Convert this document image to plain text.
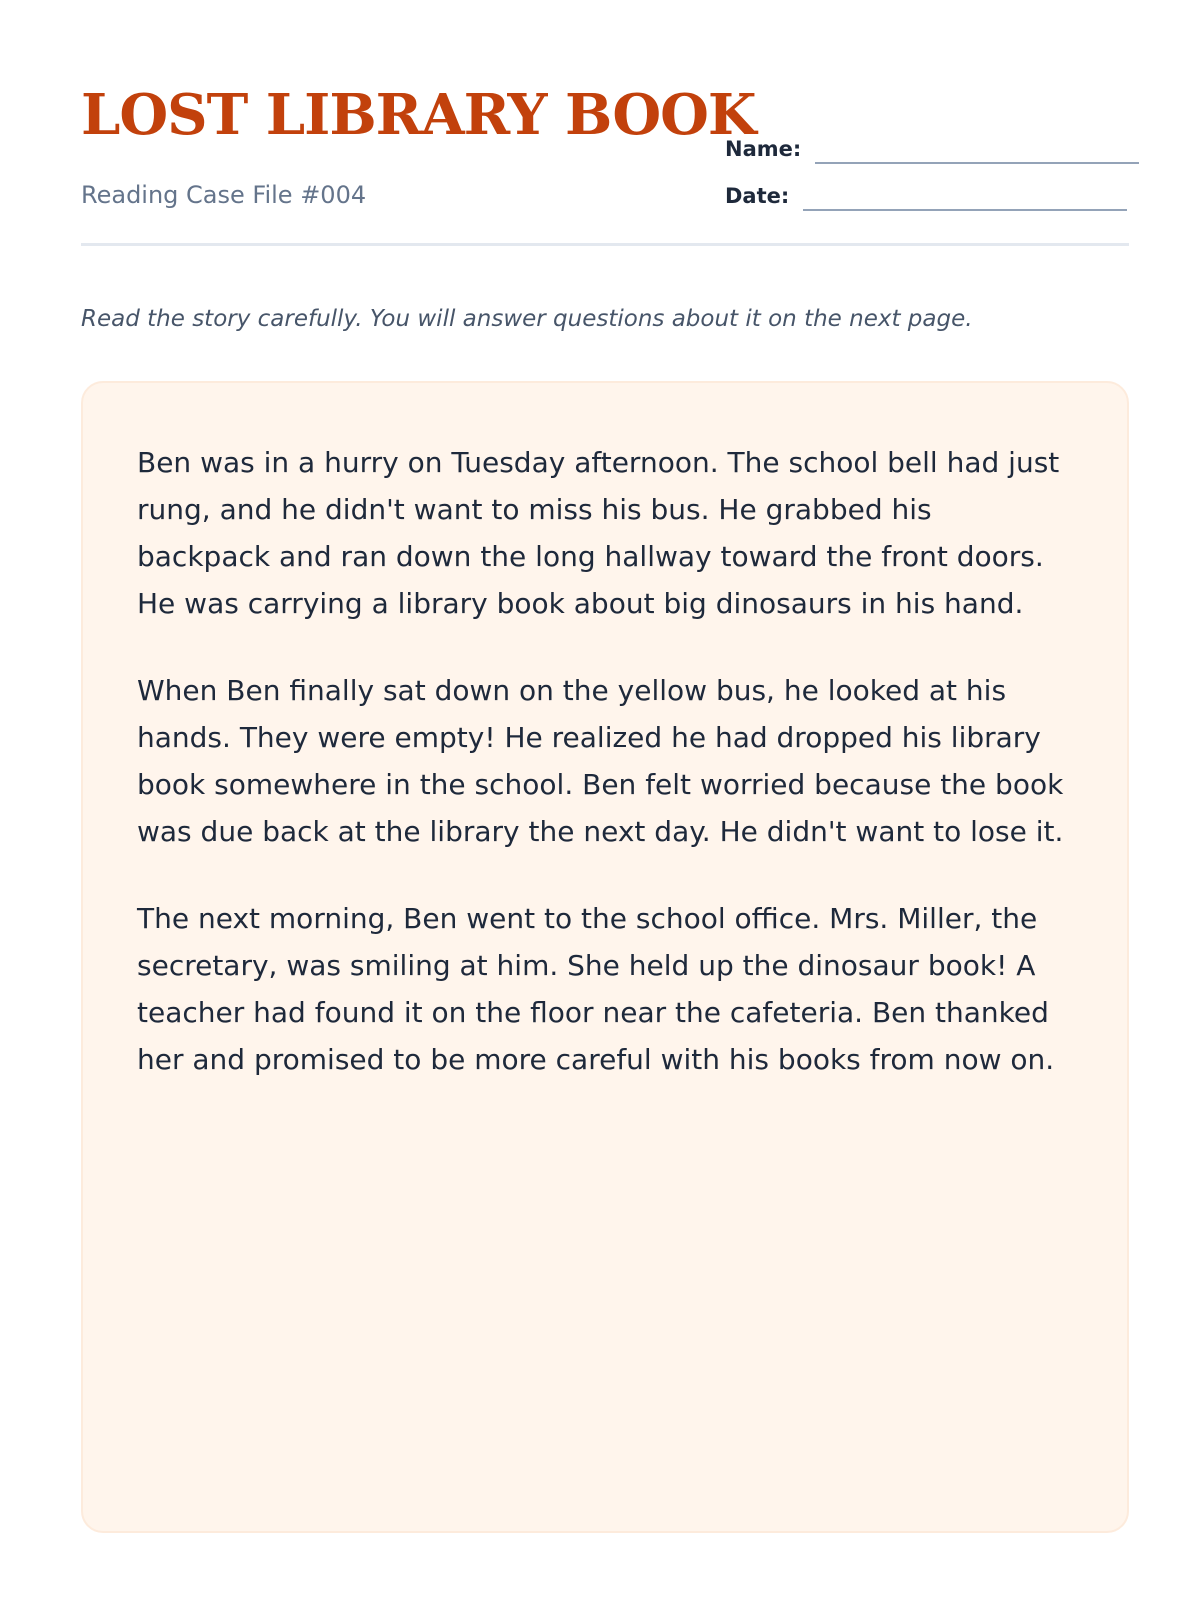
LOST LIBRARY BOOK
Reading Case File #004
Name:
Date:

Read the story carefully. You will answer questions about it on the next page.

Ben was in a hurry on Tuesday afternoon. The school bell had just rung, and he didn't want to miss his bus. He grabbed his backpack and ran down the long hallway toward the front doors. He was carrying a library book about big dinosaurs in his hand.

When Ben finally sat down on the yellow bus, he looked at his hands. They were empty! He realized he had dropped his library book somewhere in the school. Ben felt worried because the book was due back at the library the next day. He didn't want to lose it.

The next morning, Ben went to the school office. Mrs. Miller, the secretary, was smiling at him. She held up the dinosaur book! A teacher had found it on the floor near the cafeteria. Ben thanked her and promised to be more careful with his books from now on.
